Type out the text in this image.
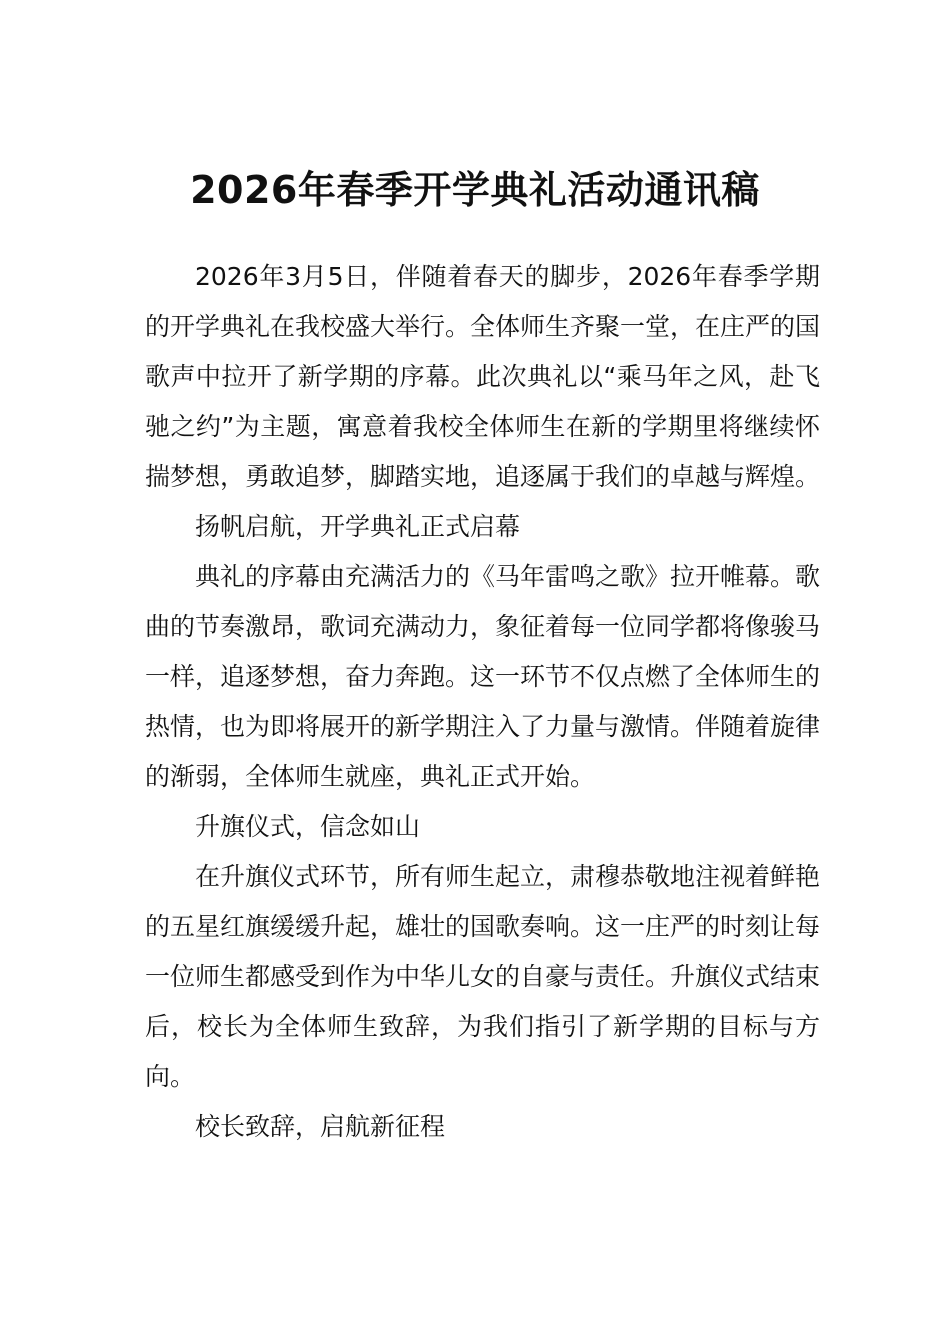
2026年春季开学典礼活动通讯稿

2026年3月5日，伴随着春天的脚步，2026年春季学期的开学典礼在我校盛大举行。全体师生齐聚一堂，在庄严的国歌声中拉开了新学期的序幕。此次典礼以“乘马年之风，赴飞驰之约”为主题，寓意着我校全体师生在新的学期里将继续怀揣梦想，勇敢追梦，脚踏实地，追逐属于我们的卓越与辉煌。

扬帆启航，开学典礼正式启幕

典礼的序幕由充满活力的《马年雷鸣之歌》拉开帷幕。歌曲的节奏激昂，歌词充满动力，象征着每一位同学都将像骏马一样，追逐梦想，奋力奔跑。这一环节不仅点燃了全体师生的热情，也为即将展开的新学期注入了力量与激情。伴随着旋律的渐弱，全体师生就座，典礼正式开始。

升旗仪式，信念如山

在升旗仪式环节，所有师生起立，肃穆恭敬地注视着鲜艳的五星红旗缓缓升起，雄壮的国歌奏响。这一庄严的时刻让每一位师生都感受到作为中华儿女的自豪与责任。升旗仪式结束后，校长为全体师生致辞，为我们指引了新学期的目标与方向。

校长致辞，启航新征程
